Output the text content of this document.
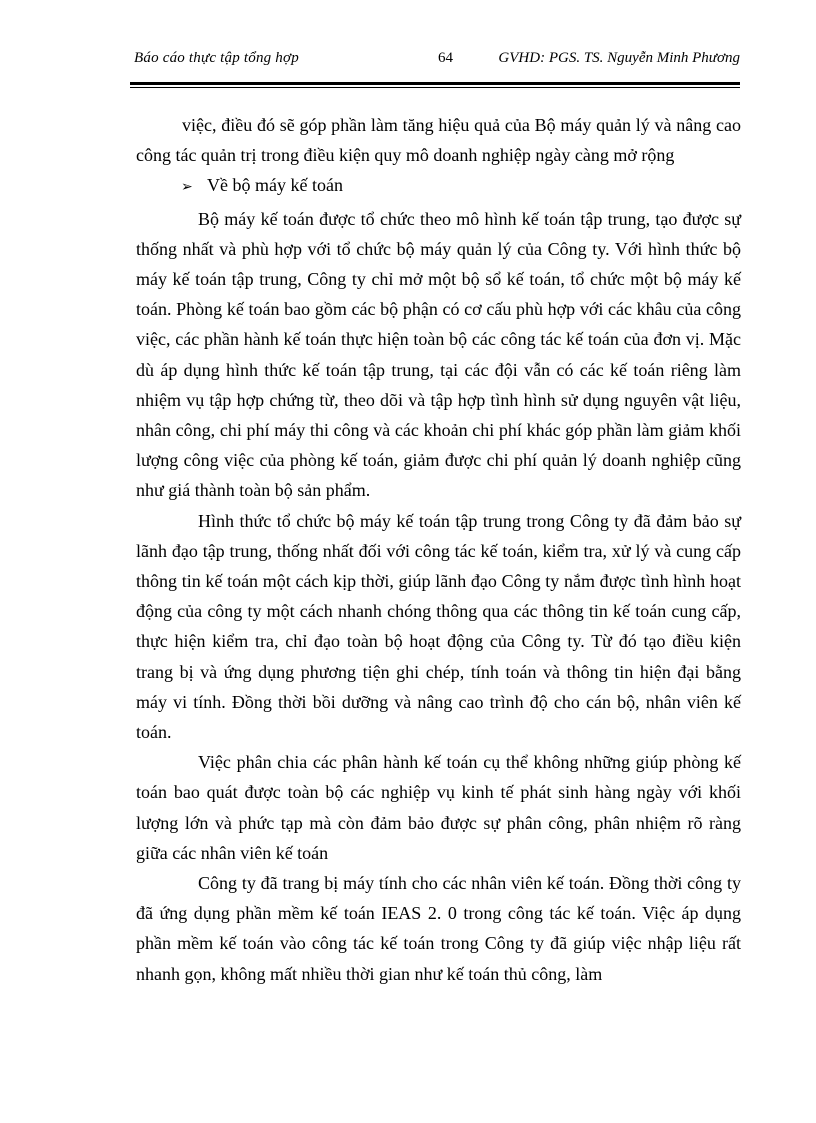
Báo cáo thực tập tổng hợp	64	GVHD: PGS. TS. Nguyễn Minh Phương

việc, điều đó sẽ góp phần làm tăng hiệu quả của Bộ máy quản lý và nâng cao công tác quản trị trong điều kiện quy mô doanh nghiệp ngày càng mở rộng

➢ Về bộ máy kế toán

Bộ máy kế toán được tổ chức theo mô hình kế toán tập trung, tạo được sự thống nhất và phù hợp với tổ chức bộ máy quản lý của Công ty. Với hình thức bộ máy kế toán tập trung, Công ty chỉ mở một bộ sổ kế toán, tổ chức một bộ máy kế toán. Phòng kế toán bao gồm các bộ phận có cơ cấu phù hợp với các khâu của công việc, các phần hành kế toán thực hiện toàn bộ các công tác kế toán của đơn vị. Mặc dù áp dụng hình thức kế toán tập trung, tại các đội vẫn có các kế toán riêng làm nhiệm vụ tập hợp chứng từ, theo dõi và tập hợp tình hình sử dụng nguyên vật liệu, nhân công, chi phí máy thi công và các khoản chi phí khác góp phần làm giảm khối lượng công việc của phòng kế toán, giảm được chi phí quản lý doanh nghiệp cũng như giá thành toàn bộ sản phẩm.

Hình thức tổ chức bộ máy kế toán tập trung trong Công ty đã đảm bảo sự lãnh đạo tập trung, thống nhất đối với công tác kế toán, kiểm tra, xử lý và cung cấp thông tin kế toán một cách kịp thời, giúp lãnh đạo Công ty nắm được tình hình hoạt động của công ty một cách nhanh chóng thông qua các thông tin kế toán cung cấp, thực hiện kiểm tra, chỉ đạo toàn bộ hoạt động của Công ty. Từ đó tạo điều kiện trang bị và ứng dụng phương tiện ghi chép, tính toán và thông tin hiện đại bằng máy vi tính. Đồng thời bồi dưỡng và nâng cao trình độ cho cán bộ, nhân viên kế toán.

Việc phân chia các phân hành kế toán cụ thể không những giúp phòng kế toán bao quát được toàn bộ các nghiệp vụ kinh tế phát sinh hàng ngày với khối lượng lớn và phức tạp mà còn đảm bảo được sự phân công, phân nhiệm rõ ràng giữa các nhân viên kế toán

Công ty đã trang bị máy tính cho các nhân viên kế toán. Đồng thời công ty đã ứng dụng phần mềm kế toán IEAS 2. 0 trong công tác kế toán. Việc áp dụng phần mềm kế toán vào công tác kế toán trong Công ty đã giúp việc nhập liệu rất nhanh gọn, không mất nhiều thời gian như kế toán thủ công, làm
